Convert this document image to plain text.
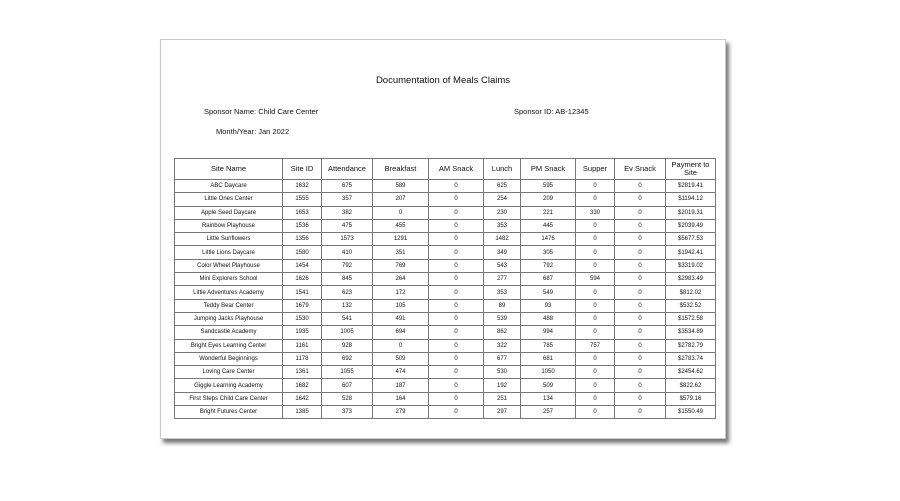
Documentation of Meals Claims
Sponsor Name: Child Care Center	Sponsor ID: AB-12345
Month/Year: Jan 2022
Site Name	Site ID	Attendance	Breakfast	AM Snack	Lunch	PM Snack	Supper	Ev Snack	Payment to Site
ABC Daycare	1632	675	589	0	625	595	0	0	$2819.41
Little Ones Center	1555	357	207	0	254	209	0	0	$1194.12
Apple Seed Daycare	1653	382	0	0	230	221	330	0	$2019.31
Rainbow Playhouse	1536	475	455	0	353	445	0	0	$2039.49
Little Sunflowers	1356	1573	1291	0	1482	1476	0	0	$5677.53
Little Lions Daycare	1580	410	351	0	349	305	0	0	$1942.41
Color Wheel Playhouse	1454	792	769	0	543	792	0	0	$3319.02
Mini Explorers School	1626	845	264	0	277	687	594	0	$2983.49
Little Adventures Academy	1541	623	172	0	353	549	0	0	$812.02
Teddy Bear Center	1679	132	105	0	89	93	0	0	$532.52
Jumping Jacks Playhouse	1530	541	491	0	539	488	0	0	$1572.58
Sandcastle Academy	1935	1005	694	0	862	994	0	0	$3534.89
Bright Eyes Learning Center	1161	928	0	0	322	785	757	0	$2782.79
Wonderful Beginnings	1178	692	509	0	677	681	0	0	$2783.74
Loving Care Center	1361	1055	474	0	530	1050	0	0	$2454.62
Giggle Learning Academy	1682	607	187	0	192	509	0	0	$822.62
First Steps Child Care Center	1642	528	164	0	251	134	0	0	$579.16
Bright Futures Center	1385	373	279	0	297	257	0	0	$1550.49
